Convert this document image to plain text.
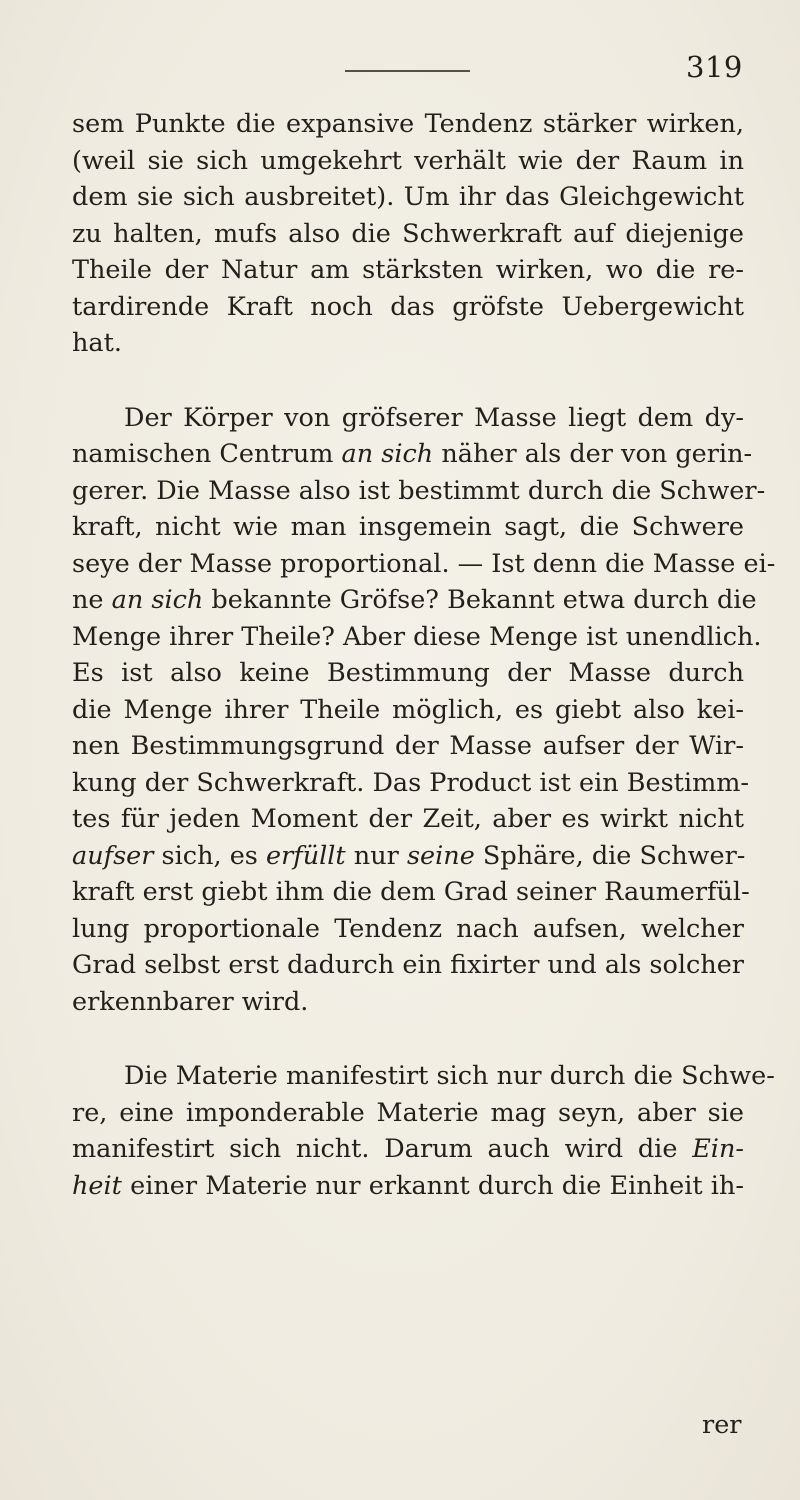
319
sem Punkte die expansive Tendenz stärker wirken,
(weil sie sich umgekehrt verhält wie der Raum in
dem sie sich ausbreitet). Um ihr das Gleichgewicht
zu halten, mufs also die Schwerkraft auf diejenige
Theile der Natur am stärksten wirken, wo die re-
tardirende Kraft noch das gröfste Uebergewicht
hat.
Der Körper von gröfserer Masse liegt dem dy-
namischen Centrum an sich näher als der von gerin-
gerer. Die Masse also ist bestimmt durch die Schwer-
kraft, nicht wie man insgemein sagt, die Schwere
seye der Masse proportional. — Ist denn die Masse ei-
ne an sich bekannte Gröfse? Bekannt etwa durch die
Menge ihrer Theile? Aber diese Menge ist unendlich.
Es ist also keine Bestimmung der Masse durch
die Menge ihrer Theile möglich, es giebt also kei-
nen Bestimmungsgrund der Masse aufser der Wir-
kung der Schwerkraft. Das Product ist ein Bestimm-
tes für jeden Moment der Zeit, aber es wirkt nicht
aufser sich, es erfüllt nur seine Sphäre, die Schwer-
kraft erst giebt ihm die dem Grad seiner Raumerfül-
lung proportionale Tendenz nach aufsen, welcher
Grad selbst erst dadurch ein fixirter und als solcher
erkennbarer wird.
Die Materie manifestirt sich nur durch die Schwe-
re, eine imponderable Materie mag seyn, aber sie
manifestirt sich nicht. Darum auch wird die Ein-
heit einer Materie nur erkannt durch die Einheit ih-
rer
